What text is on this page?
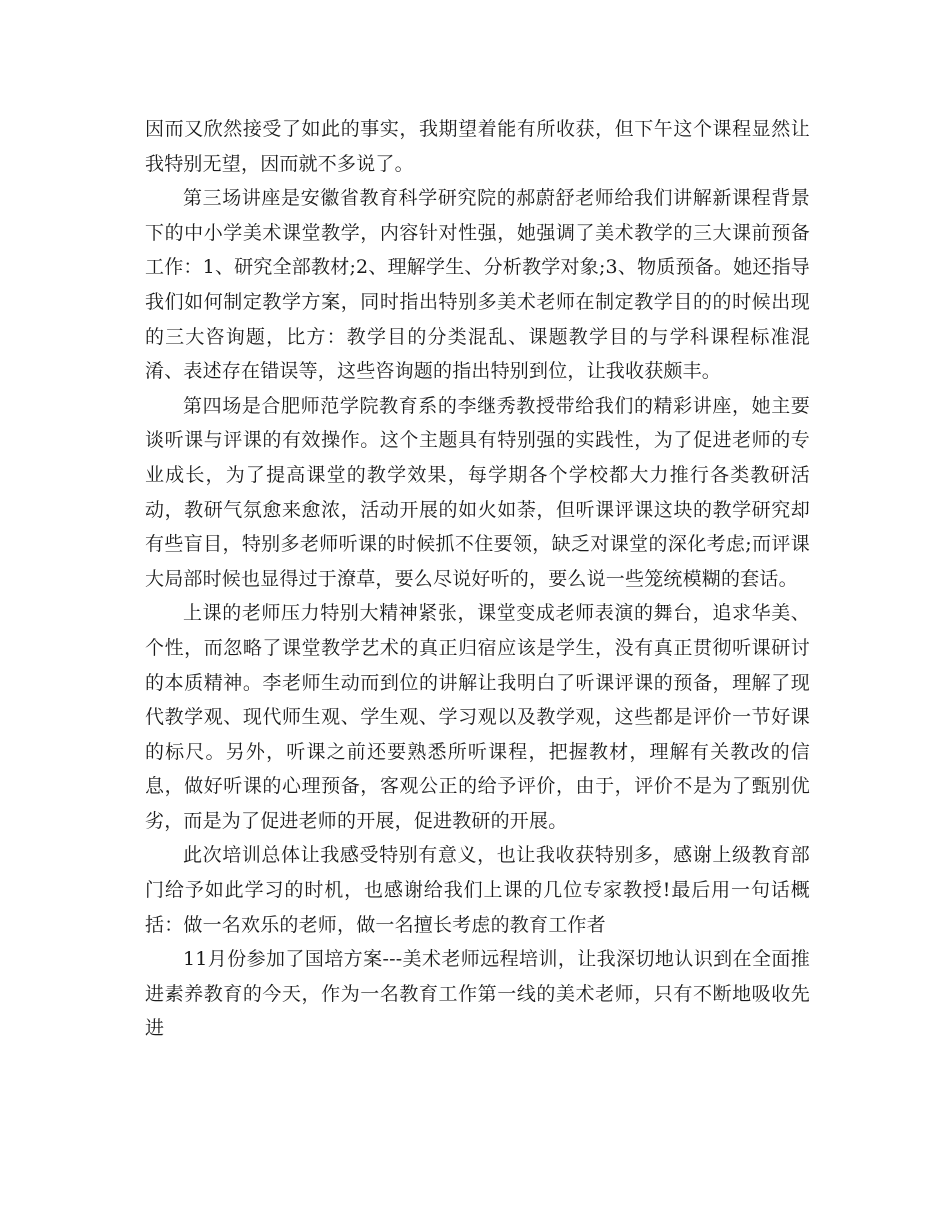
因而又欣然接受了如此的事实，我期望着能有所收获，但下午这个课程显然让我特别无望，因而就不多说了。

第三场讲座是安徽省教育科学研究院的郝蔚舒老师给我们讲解新课程背景下的中小学美术课堂教学，内容针对性强，她强调了美术教学的三大课前预备工作：1、研究全部教材;2、理解学生、分析教学对象;3、物质预备。她还指导我们如何制定教学方案，同时指出特别多美术老师在制定教学目的的时候出现的三大咨询题，比方：教学目的分类混乱、课题教学目的与学科课程标准混淆、表述存在错误等，这些咨询题的指出特别到位，让我收获颇丰。

第四场是合肥师范学院教育系的李继秀教授带给我们的精彩讲座，她主要谈听课与评课的有效操作。这个主题具有特别强的实践性，为了促进老师的专业成长，为了提高课堂的教学效果，每学期各个学校都大力推行各类教研活动，教研气氛愈来愈浓，活动开展的如火如荼，但听课评课这块的教学研究却有些盲目，特别多老师听课的时候抓不住要领，缺乏对课堂的深化考虑;而评课大局部时候也显得过于潦草，要么尽说好听的，要么说一些笼统模糊的套话。

上课的老师压力特别大精神紧张，课堂变成老师表演的舞台，追求华美、个性，而忽略了课堂教学艺术的真正归宿应该是学生，没有真正贯彻听课研讨的本质精神。李老师生动而到位的讲解让我明白了听课评课的预备，理解了现代教学观、现代师生观、学生观、学习观以及教学观，这些都是评价一节好课的标尺。另外，听课之前还要熟悉所听课程，把握教材，理解有关教改的信息，做好听课的心理预备，客观公正的给予评价，由于，评价不是为了甄别优劣，而是为了促进老师的开展，促进教研的开展。

此次培训总体让我感受特别有意义，也让我收获特别多，感谢上级教育部门给予如此学习的时机，也感谢给我们上课的几位专家教授!最后用一句话概括：做一名欢乐的老师，做一名擅长考虑的教育工作者

11月份参加了国培方案---美术老师远程培训，让我深切地认识到在全面推进素养教育的今天，作为一名教育工作第一线的美术老师，只有不断地吸收先进
